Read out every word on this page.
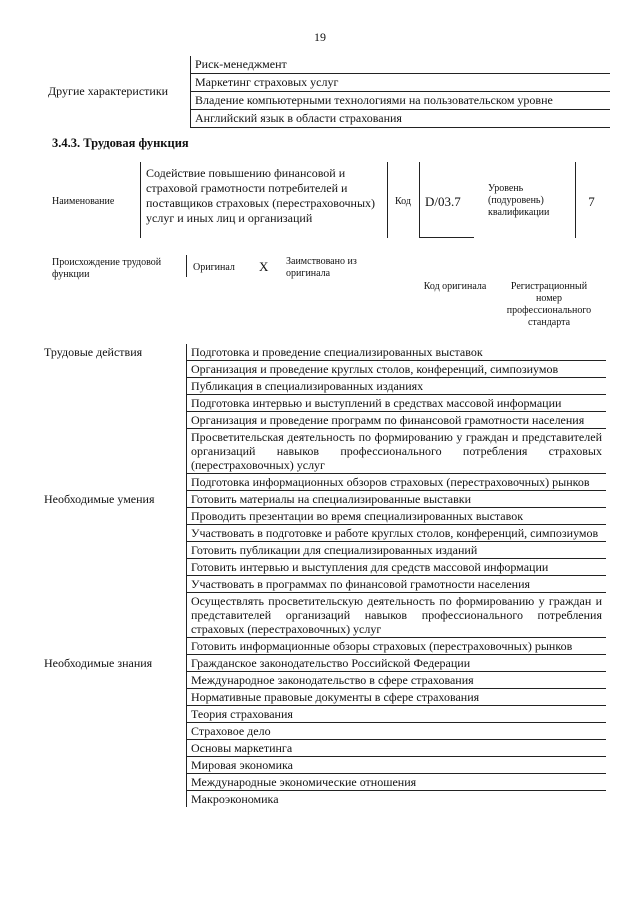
19
Другие характеристики	Риск-менеджмент
Маркетинг страховых услуг
Владение компьютерными технологиями на пользовательском уровне
Английский язык в области страхования
3.4.3. Трудовая функция
Наименование
Содействие повышению финансовой и страховой грамотности потребителей и поставщиков страховых (перестраховочных) услуг и иных лиц и организаций
Код	D/03.7
Уровень (подуровень) квалификации
7
Происхождение трудовой функции
Оригинал X Заимствовано из оригинала
Код оригинала	Регистрационный номер профессионального стандарта
Трудовые действия	Подготовка и проведение специализированных выставок
	Организация и проведение круглых столов, конференций, симпозиумов
	Публикация в специализированных изданиях
	Подготовка интервью и выступлений в средствах массовой информации
	Организация и проведение программ по финансовой грамотности населения
	Просветительская деятельность по формированию у граждан и представителей организаций навыков профессионального потребления страховых (перестраховочных) услуг
	Подготовка информационных обзоров страховых (перестраховочных) рынков
Необходимые умения	Готовить материалы на специализированные выставки
	Проводить презентации во время специализированных выставок
	Участвовать в подготовке и работе круглых столов, конференций, симпозиумов
	Готовить публикации для специализированных изданий
	Готовить интервью и выступления для средств массовой информации
	Участвовать в программах по финансовой грамотности населения
	Осуществлять просветительскую деятельность по формированию у граждан и представителей организаций навыков профессионального потребления страховых (перестраховочных) услуг
	Готовить информационные обзоры страховых (перестраховочных) рынков
Необходимые знания	Гражданское законодательство Российской Федерации
	Международное законодательство в сфере страхования
	Нормативные правовые документы в сфере страхования
	Теория страхования
	Страховое дело
	Основы маркетинга
	Мировая экономика
	Международные экономические отношения
	Макроэкономика
